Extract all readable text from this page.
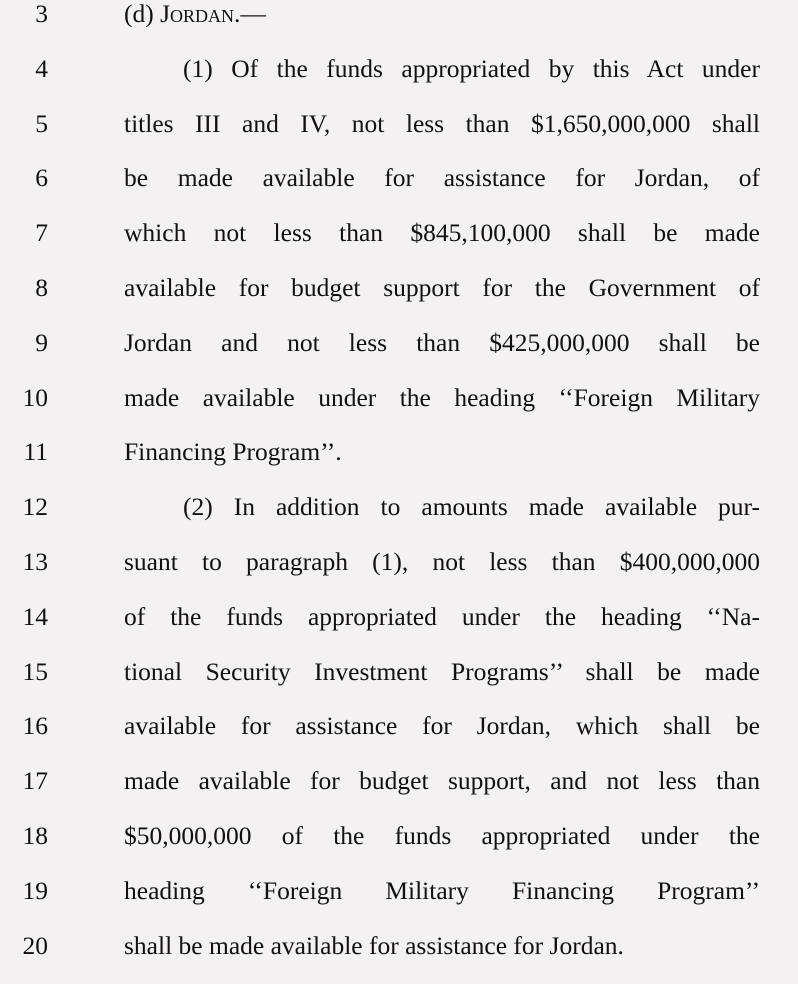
3	(d) Jordan.—
4	(1) Of the funds appropriated by this Act under
5	titles III and IV, not less than $1,650,000,000 shall
6	be made available for assistance for Jordan, of
7	which not less than $845,100,000 shall be made
8	available for budget support for the Government of
9	Jordan and not less than $425,000,000 shall be
10	made available under the heading ‘‘Foreign Military
11	Financing Program’’.
12	(2) In addition to amounts made available pur-
13	suant to paragraph (1), not less than $400,000,000
14	of the funds appropriated under the heading ‘‘Na-
15	tional Security Investment Programs’’ shall be made
16	available for assistance for Jordan, which shall be
17	made available for budget support, and not less than
18	$50,000,000 of the funds appropriated under the
19	heading ‘‘Foreign Military Financing Program’’
20	shall be made available for assistance for Jordan.
